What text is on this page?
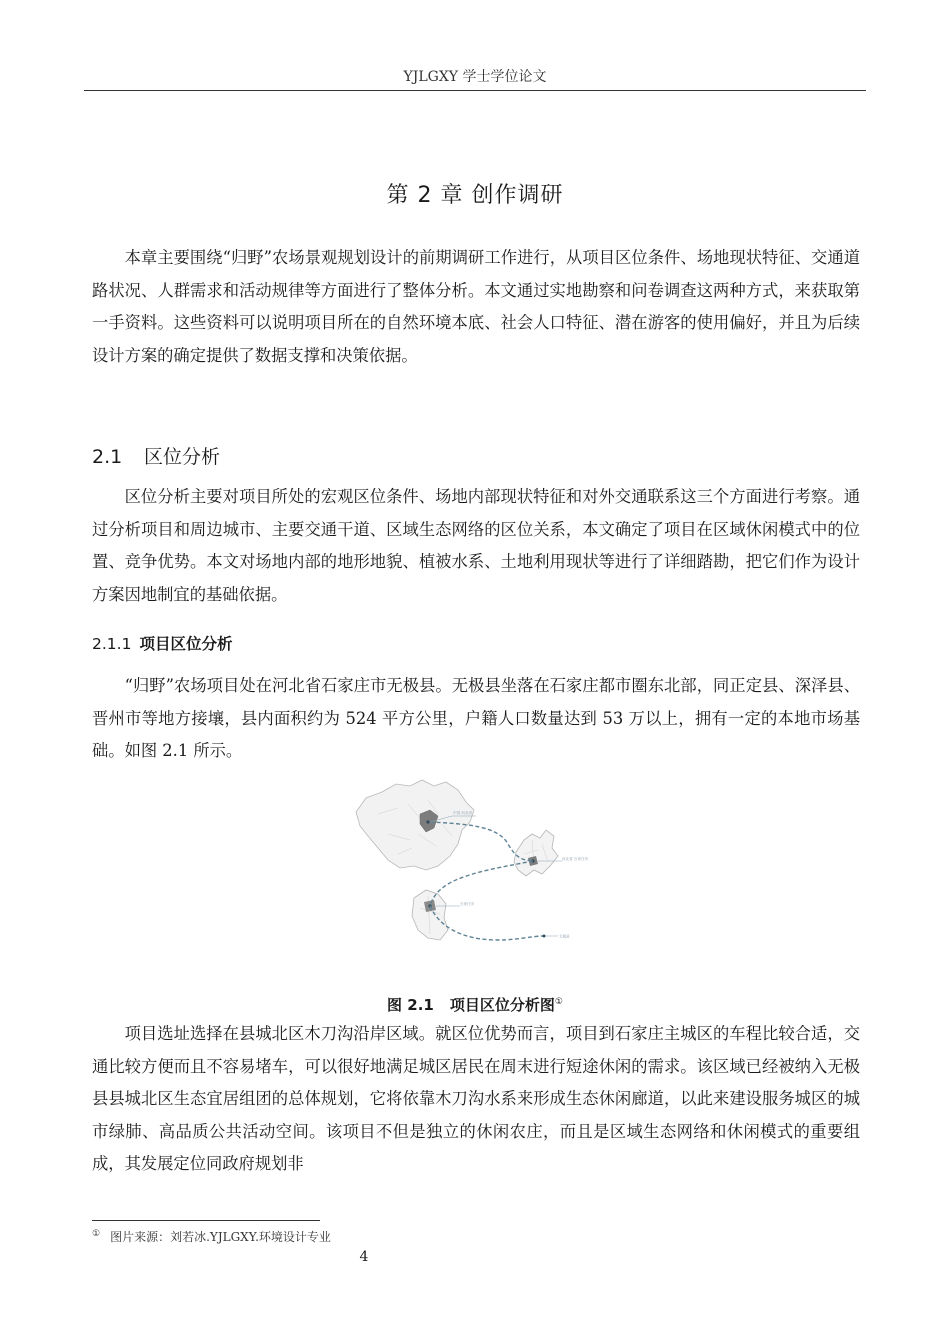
YJLGXY 学士学位论文
第 2 章 创作调研

本章主要围绕“归野”农场景观规划设计的前期调研工作进行，从项目区位条件、场地现状特征、交通道路状况、人群需求和活动规律等方面进行了整体分析。本文通过实地勘察和问卷调查这两种方式，来获取第一手资料。这些资料可以说明项目所在的自然环境本底、社会人口特征、潜在游客的使用偏好，并且为后续设计方案的确定提供了数据支撑和决策依据。

2.1 区位分析

区位分析主要对项目所处的宏观区位条件、场地内部现状特征和对外交通联系这三个方面进行考察。通过分析项目和周边城市、主要交通干道、区域生态网络的区位关系，本文确定了项目在区域休闲模式中的位置、竞争优势。本文对场地内部的地形地貌、植被水系、土地利用现状等进行了详细踏勘，把它们作为设计方案因地制宜的基础依据。

2.1.1 项目区位分析

“归野”农场项目处在河北省石家庄市无极县。无极县坐落在石家庄都市圈东北部，同正定县、深泽县、晋州市等地方接壤，县内面积约为 524 平方公里，户籍人口数量达到 53 万以上，拥有一定的本地市场基础。如图 2.1 所示。

中国 河北省
河北省 石家庄市
石家庄市
无极县
图 2.1 项目区位分析图①

项目选址选择在县城北区木刀沟沿岸区域。就区位优势而言，项目到石家庄主城区的车程比较合适，交通比较方便而且不容易堵车，可以很好地满足城区居民在周末进行短途休闲的需求。该区域已经被纳入无极县县城北区生态宜居组团的总体规划，它将依靠木刀沟水系来形成生态休闲廊道，以此来建设服务城区的城市绿肺、高品质公共活动空间。该项目不但是独立的休闲农庄，而且是区域生态网络和休闲模式的重要组成，其发展定位同政府规划非

① 图片来源：刘若冰.YJLGXY.环境设计专业
4
